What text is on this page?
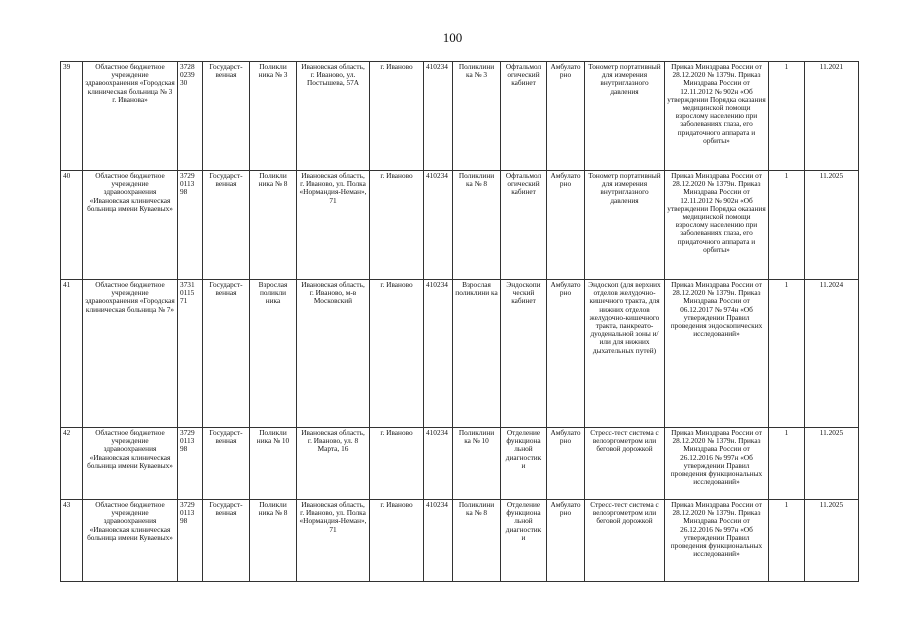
100
39	Областное бюджетное учреждение здравоохранения «Городская клиническая больница № 3 г. Иванова»	3728 0239 30	Государст-венная	Поликли ника № 3	Ивановская область, г. Иваново, ул. Постышева, 57А	г. Иваново	410234	Поликлини ка № 3	Офтальмол огический кабинет	Амбулато рно	Тонометр портативный для измерения внутриглазного давления	Приказ Минздрава России от 28.12.2020 № 1379н. Приказ Минздрава России от 12.11.2012 № 902н «Об утверждении Порядка оказания медицинской помощи взрослому населению при заболеваниях глаза, его придаточного аппарата и орбиты»	1	11.2021
40	Областное бюджетное учреждение здравоохранения «Ивановская клиническая больница имени Куваевых»	3729 0113 98	Государст-венная	Поликли ника № 8	Ивановская область, г. Иваново, ул. Полка «Нормандия-Неман», 71	г. Иваново	410234	Поликлини ка № 8	Офтальмол огический кабинет	Амбулато рно	Тонометр портативный для измерения внутриглазного давления	Приказ Минздрава России от 28.12.2020 № 1379н. Приказ Минздрава России от 12.11.2012 № 902н «Об утверждении Порядка оказания медицинской помощи взрослому населению при заболеваниях глаза, его придаточного аппарата и орбиты»	1	11.2025
41	Областное бюджетное учреждение здравоохранения «Городская клиническая больница № 7»	3731 0115 71	Государст-венная	Взрослая поликли ника	Ивановская область, г. Иваново, м-в Московский	г. Иваново	410234	Взрослая поликлини ка	Эндоскопи ческий кабинет	Амбулато рно	Эндоскоп (для верхних отделов желудочно-кишечного тракта, для нижних отделов желудочно-кишечного тракта, панкреато-дуоденальной зоны и/или для нижних дыхательных путей)	Приказ Минздрава России от 28.12.2020 № 1379н. Приказ Минздрава России от 06.12.2017 № 974н «Об утверждении Правил проведения эндоскопических исследований»	1	11.2024
42	Областное бюджетное учреждение здравоохранения «Ивановская клиническая больница имени Куваевых»	3729 0113 98	Государст-венная	Поликли ника № 10	Ивановская область, г. Иваново, ул. 8 Марта, 16	г. Иваново	410234	Поликлини ка № 10	Отделение функциона льной диагностик и	Амбулато рно	Стресс-тест система с велоэргометром или беговой дорожкой	Приказ Минздрава России от 28.12.2020 № 1379н. Приказ Минздрава России от 26.12.2016 № 997н «Об утверждении Правил проведения функциональных исследований»	1	11.2025
43	Областное бюджетное учреждение здравоохранения «Ивановская клиническая больница имени Куваевых»	3729 0113 98	Государст-венная	Поликли ника № 8	Ивановская область, г. Иваново, ул. Полка «Нормандия-Неман», 71	г. Иваново	410234	Поликлини ка № 8	Отделение функциона льной диагностик и	Амбулато рно	Стресс-тест система с велоэргометром или беговой дорожкой	Приказ Минздрава России от 28.12.2020 № 1379н. Приказ Минздрава России от 26.12.2016 № 997н «Об утверждении Правил проведения функциональных исследований»	1	11.2025
